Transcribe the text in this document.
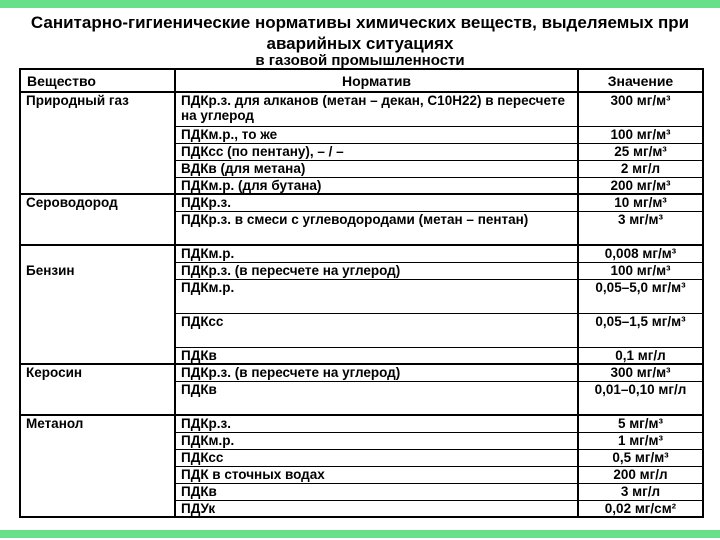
Санитарно-гигиенические нормативы химических веществ, выделяемых при аварийных ситуациях
в газовой промышленности
Вещество	Норматив	Значение
Природный газ	ПДКр.з. для алканов (метан – декан, С10Н22) в пересчете на углерод	300 мг/м³
	ПДКм.р., то же	100 мг/м³
	ПДКсс (по пентану), – / –	25 мг/м³
	ВДКв (для метана)	2 мг/л
	ПДКм.р. (для бутана)	200 мг/м³
Сероводород	ПДКр.з.	10 мг/м³
	ПДКр.з. в смеси с углеводородами (метан – пентан)	3 мг/м³
Бензин	ПДКм.р.	0,008 мг/м³
	ПДКр.з. (в пересчете на углерод)	100 мг/м³
	ПДКм.р.	0,05–5,0 мг/м³
	ПДКсс	0,05–1,5 мг/м³
	ПДКв	0,1 мг/л
Керосин	ПДКр.з. (в пересчете на углерод)	300 мг/м³
	ПДКв	0,01–0,10 мг/л
Метанол	ПДКр.з.	5 мг/м³
	ПДКм.р.	1 мг/м³
	ПДКсс	0,5 мг/м³
	ПДК в сточных водах	200 мг/л
	ПДКв	3 мг/л
	ПДУк	0,02 мг/см²
